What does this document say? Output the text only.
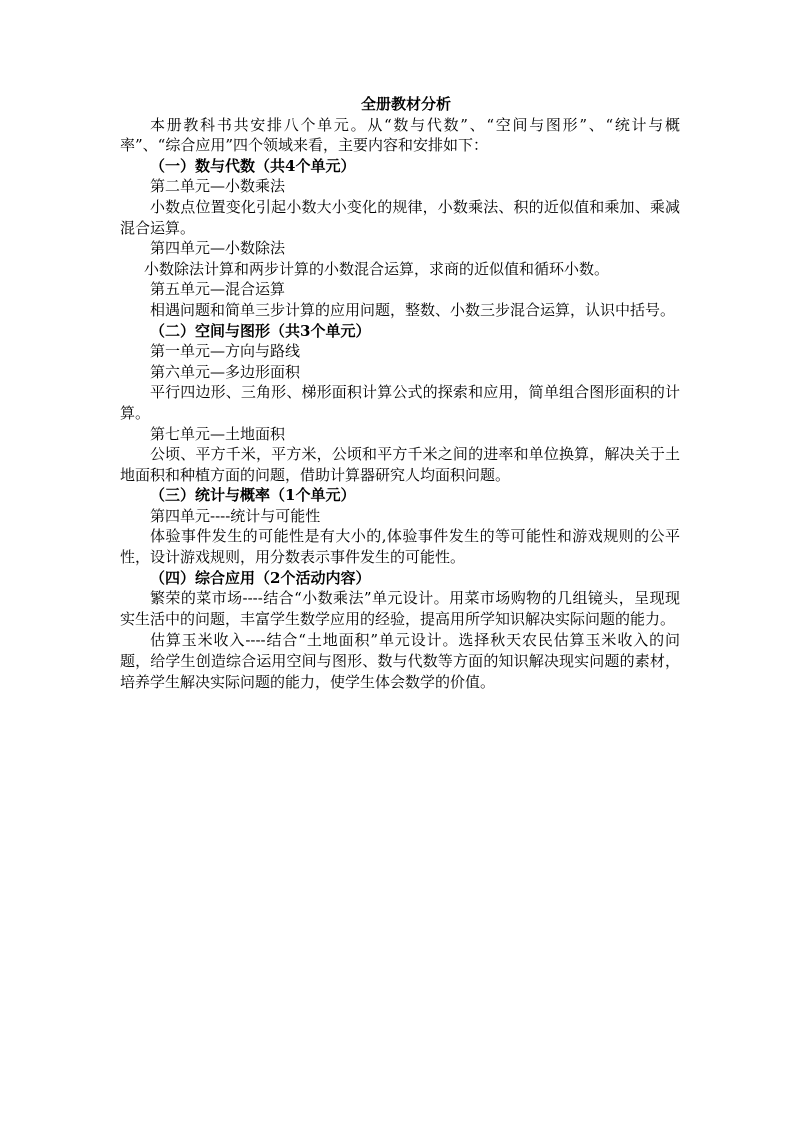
全册教材分析

本册教科书共安排八个单元。从“数与代数”、“空间与图形”、“统计与概率”、“综合应用”四个领域来看，主要内容和安排如下：

（一）数与代数（共4个单元）

第二单元—小数乘法

小数点位置变化引起小数大小变化的规律，小数乘法、积的近似值和乘加、乘减混合运算。

第四单元—小数除法

小数除法计算和两步计算的小数混合运算，求商的近似值和循环小数。

第五单元—混合运算

相遇问题和简单三步计算的应用问题，整数、小数三步混合运算，认识中括号。

（二）空间与图形（共3个单元）

第一单元—方向与路线

第六单元—多边形面积

平行四边形、三角形、梯形面积计算公式的探索和应用，简单组合图形面积的计算。

第七单元—土地面积

公顷、平方千米，平方米，公顷和平方千米之间的进率和单位换算，解决关于土地面积和种植方面的问题，借助计算器研究人均面积问题。

（三）统计与概率（1个单元）

第四单元----统计与可能性

体验事件发生的可能性是有大小的,体验事件发生的等可能性和游戏规则的公平性，设计游戏规则，用分数表示事件发生的可能性。

（四）综合应用（2个活动内容）

繁荣的菜市场----结合“小数乘法”单元设计。用菜市场购物的几组镜头，呈现现实生活中的问题，丰富学生数学应用的经验，提高用所学知识解决实际问题的能力。

估算玉米收入----结合“土地面积”单元设计。选择秋天农民估算玉米收入的问题，给学生创造综合运用空间与图形、数与代数等方面的知识解决现实问题的素材，培养学生解决实际问题的能力，使学生体会数学的价值。
